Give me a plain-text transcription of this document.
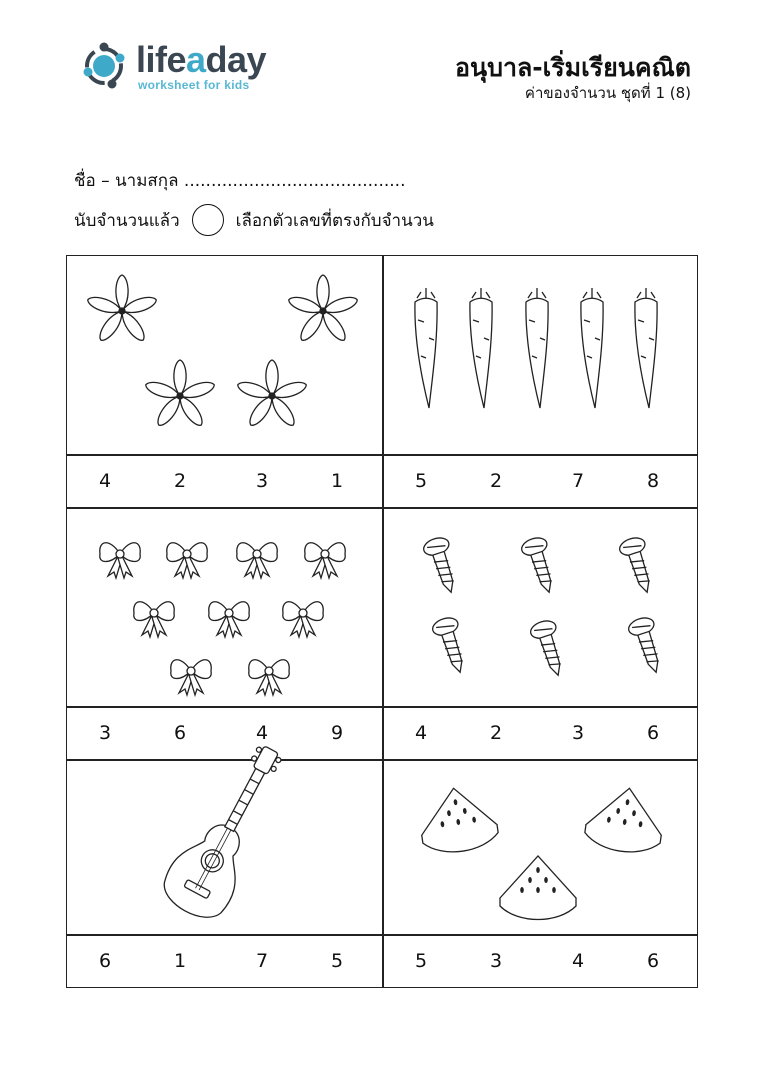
lifeaday
worksheet for kids
อนุบาล-เริ่มเรียนคณิต
ค่าของจำนวน ชุดที่ 1 (8)
ชื่อ – นามสกุล .........................................
นับจำนวนแล้ว	เลือกตัวเลขที่ตรงกับจำนวน
4	2	3	1	5	2	7	8
3	6	4	9	4	2	3	6
6	1	7	5	5	3	4	6
